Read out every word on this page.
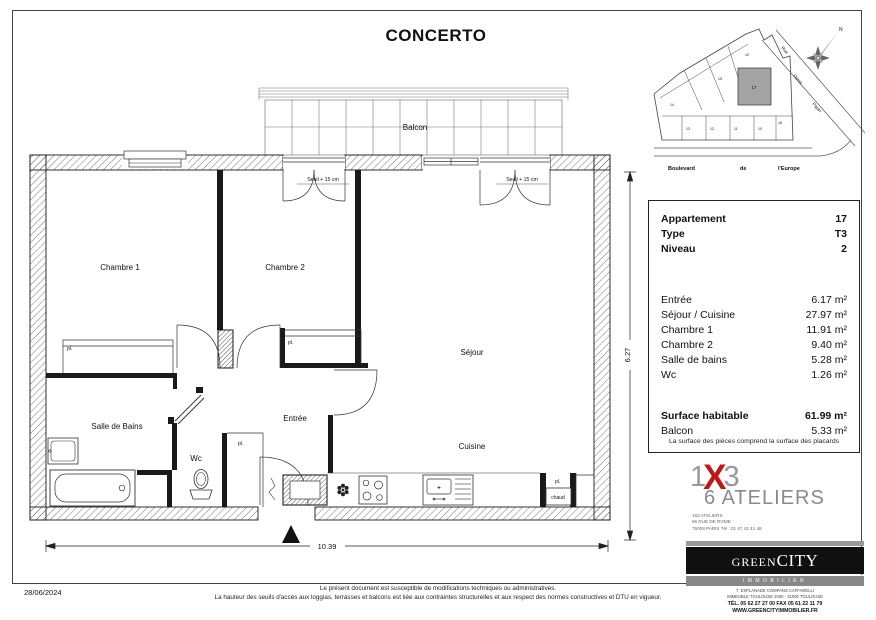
CONCERTO
Balcon
Seuil + 15 cm	Seuil + 15 cm
pl.
pl.
pl.
pl.
chaud
Chambre 1	Chambre 2
Séjour
Cuisine
Salle de Bains
Wc
Entrée
10.39
6.27
17
14
15
19
13	12	11	10
18
Rue
Denis
Papin
Boulevard	de	l'Europe
N
Appartement	17
Type	T3
Niveau	2
Entrée	6.17 m²
Séjour / Cuisine	27.97 m²
Chambre 1	11.91 m²
Chambre 2	9.40 m²
Salle de bains	5.28 m²
Wc	1.26 m²
Surface habitable	61.99 m²
Balcon	5.33 m²
La surface des pièces comprend la surface des placards
1X3
6 ATELIERS
163 ATELIERS
66 RUE DE ROME
75008 PARIS Tél : 01 47 42 41 48
GREENCITY
IMMOBILIER
7, ESPLANADE COMPANS CAFFARELLI
IMMEUBLE TOULOUSE 2000 - 31000 TOULOUSE
TÉL. 05 62 27 27 00 FAX 05 61 22 11 79
WWW.GREENCITYIMMOBILIER.FR
28/06/2024	Le présent document est susceptible de modifications techniques ou administratives.
La hauteur des seuils d'accès aux loggias, terrasses et balcons est liée aux contraintes structurelles et aux respect des normes constructives et DTU en vigueur.
